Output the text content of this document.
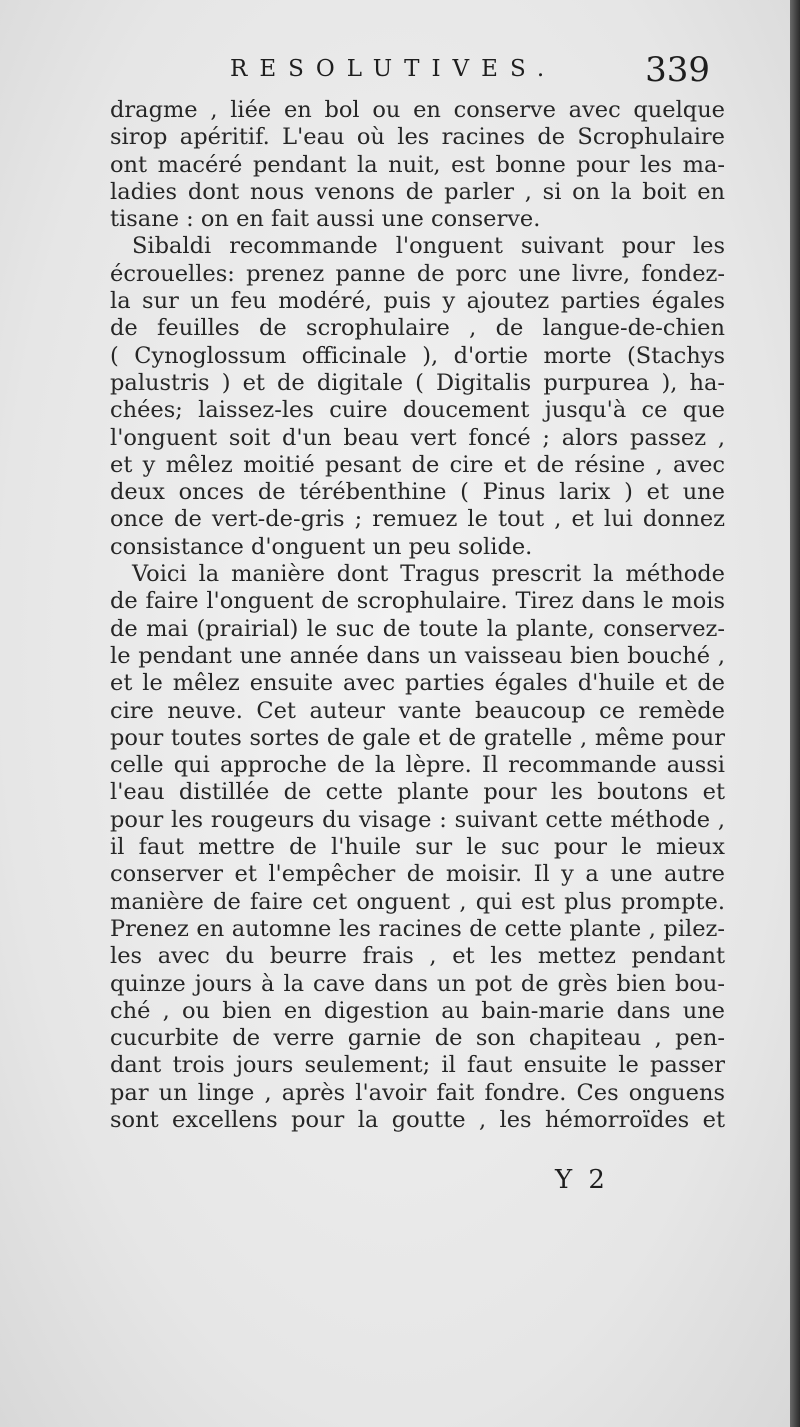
RESOLUTIVES.	339
dragme , liée en bol ou en conserve avec quelque
sirop apéritif. L'eau où les racines de Scrophulaire
ont macéré pendant la nuit, est bonne pour les ma-
ladies dont nous venons de parler , si on la boit en
tisane : on en fait aussi une conserve.
Sibaldi recommande l'onguent suivant pour les
écrouelles: prenez panne de porc une livre, fondez-
la sur un feu modéré, puis y ajoutez parties égales
de feuilles de scrophulaire , de langue-de-chien
( Cynoglossum officinale ), d'ortie morte (Stachys
palustris ) et de digitale ( Digitalis purpurea ), ha-
chées; laissez-les cuire doucement jusqu'à ce que
l'onguent soit d'un beau vert foncé ; alors passez ,
et y mêlez moitié pesant de cire et de résine , avec
deux onces de térébenthine ( Pinus larix ) et une
once de vert-de-gris ; remuez le tout , et lui donnez
consistance d'onguent un peu solide.
Voici la manière dont Tragus prescrit la méthode
de faire l'onguent de scrophulaire. Tirez dans le mois
de mai (prairial) le suc de toute la plante, conservez-
le pendant une année dans un vaisseau bien bouché ,
et le mêlez ensuite avec parties égales d'huile et de
cire neuve. Cet auteur vante beaucoup ce remède
pour toutes sortes de gale et de gratelle , même pour
celle qui approche de la lèpre. Il recommande aussi
l'eau distillée de cette plante pour les boutons et
pour les rougeurs du visage : suivant cette méthode ,
il faut mettre de l'huile sur le suc pour le mieux
conserver et l'empêcher de moisir. Il y a une autre
manière de faire cet onguent , qui est plus prompte.
Prenez en automne les racines de cette plante , pilez-
les avec du beurre frais , et les mettez pendant
quinze jours à la cave dans un pot de grès bien bou-
ché , ou bien en digestion au bain-marie dans une
cucurbite de verre garnie de son chapiteau , pen-
dant trois jours seulement; il faut ensuite le passer
par un linge , après l'avoir fait fondre. Ces onguens
sont excellens pour la goutte , les hémorroïdes et
Y 2
